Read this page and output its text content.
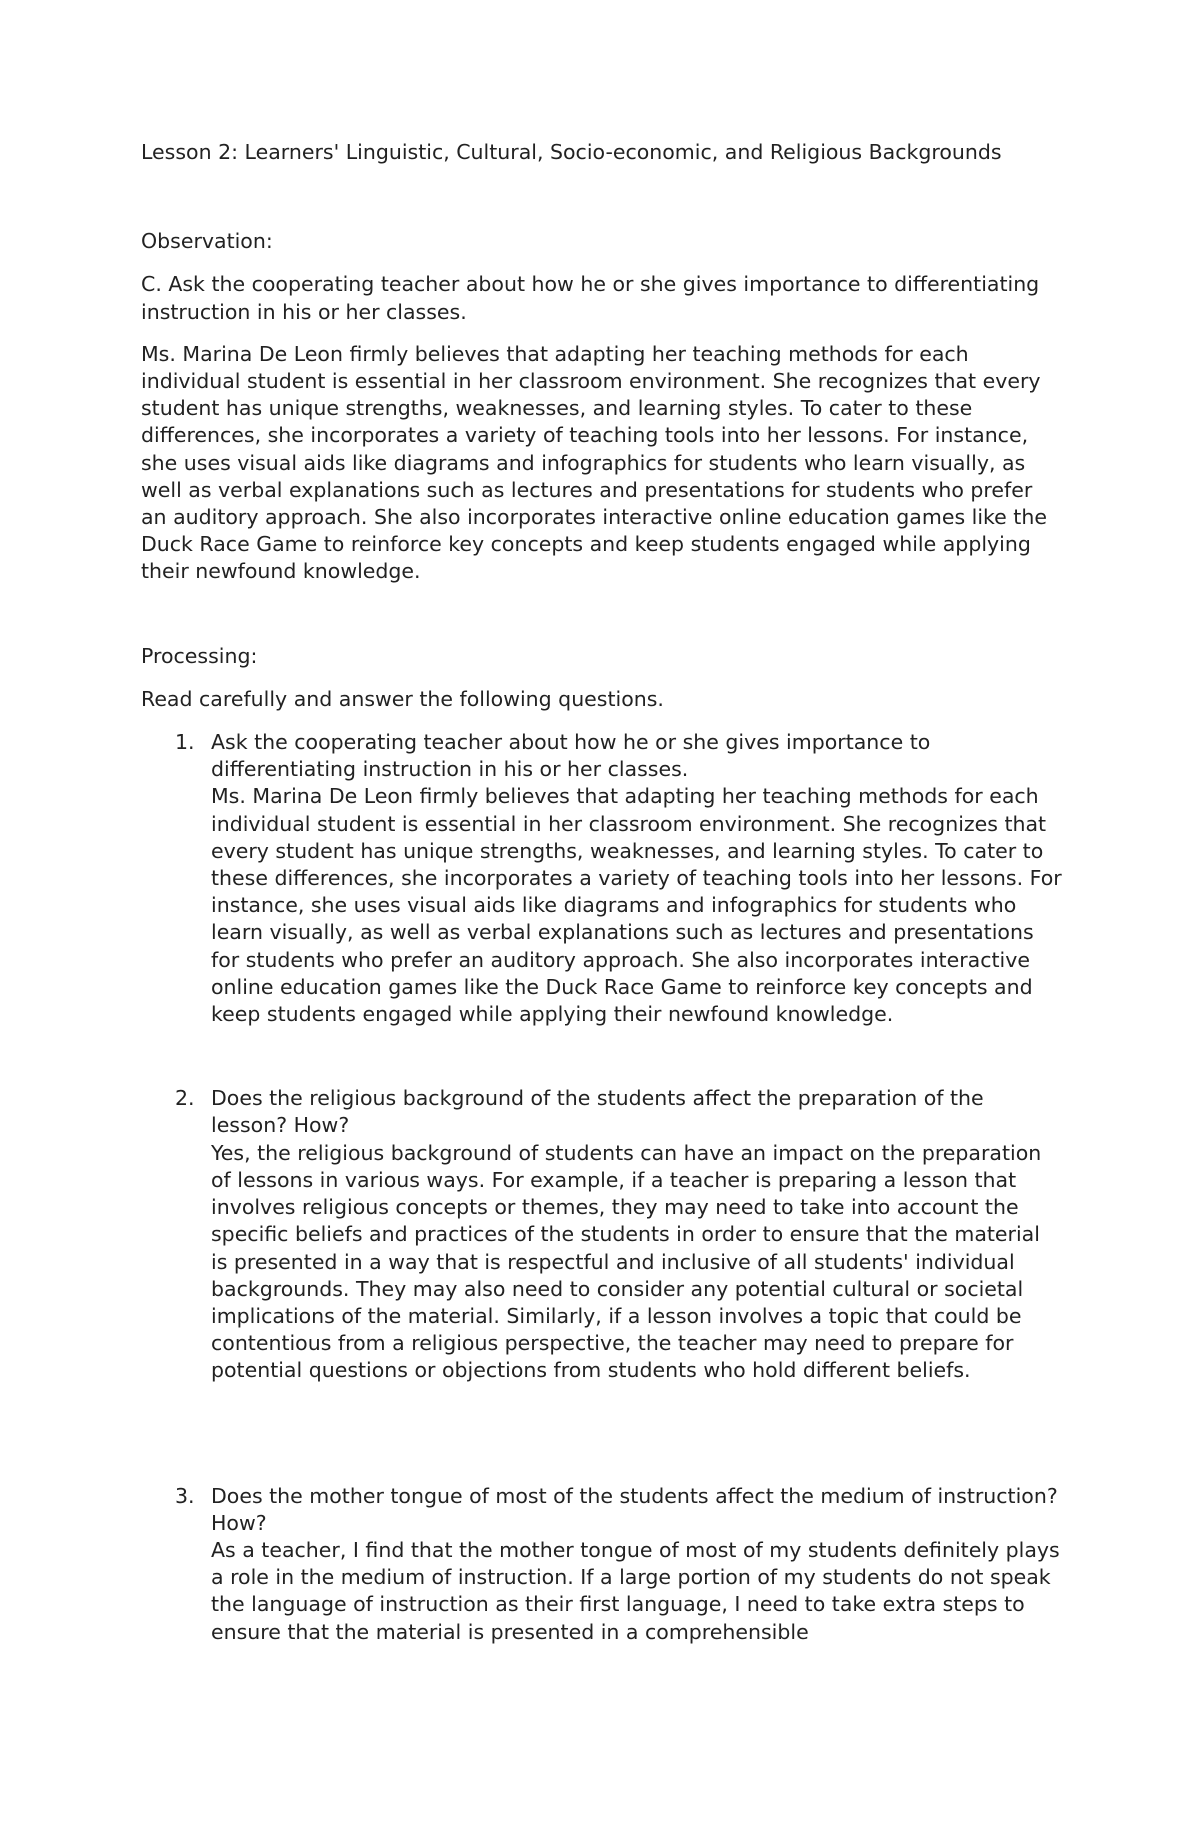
Lesson 2: Learners' Linguistic, Cultural, Socio-economic, and Religious Backgrounds

Observation:

C. Ask the cooperating teacher about how he or she gives importance to differentiating instruction in his or her classes.

Ms. Marina De Leon firmly believes that adapting her teaching methods for each individual student is essential in her classroom environment. She recognizes that every student has unique strengths, weaknesses, and learning styles. To cater to these differences, she incorporates a variety of teaching tools into her lessons. For instance, she uses visual aids like diagrams and infographics for students who learn visually, as well as verbal explanations such as lectures and presentations for students who prefer an auditory approach. She also incorporates interactive online education games like the Duck Race Game to reinforce key concepts and keep students engaged while applying their newfound knowledge.

Processing:

Read carefully and answer the following questions.

1. Ask the cooperating teacher about how he or she gives importance to differentiating instruction in his or her classes.

Ms. Marina De Leon firmly believes that adapting her teaching methods for each individual student is essential in her classroom environment. She recognizes that every student has unique strengths, weaknesses, and learning styles. To cater to these differences, she incorporates a variety of teaching tools into her lessons. For instance, she uses visual aids like diagrams and infographics for students who learn visually, as well as verbal explanations such as lectures and presentations for students who prefer an auditory approach. She also incorporates interactive online education games like the Duck Race Game to reinforce key concepts and keep students engaged while applying their newfound knowledge.

2. Does the religious background of the students affect the preparation of the lesson? How?

Yes, the religious background of students can have an impact on the preparation of lessons in various ways. For example, if a teacher is preparing a lesson that involves religious concepts or themes, they may need to take into account the specific beliefs and practices of the students in order to ensure that the material is presented in a way that is respectful and inclusive of all students' individual backgrounds. They may also need to consider any potential cultural or societal implications of the material. Similarly, if a lesson involves a topic that could be contentious from a religious perspective, the teacher may need to prepare for potential questions or objections from students who hold different beliefs.

3. Does the mother tongue of most of the students affect the medium of instruction? How?

As a teacher, I find that the mother tongue of most of my students definitely plays a role in the medium of instruction. If a large portion of my students do not speak the language of instruction as their first language, I need to take extra steps to ensure that the material is presented in a comprehensible
